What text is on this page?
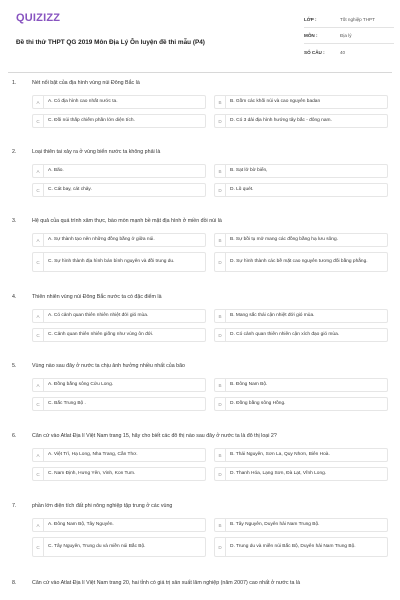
QUIZIZZ
Đề thi thử THPT QG 2019 Môn Địa Lý Ôn luyện đề thi mẫu (P4)
LỚP :	Tốt nghiệp THPT
MÔN :	Địa lý
SỐ CÂU :	40
1.	Nét nổi bật của địa hình vùng núi Đông Bắc là
A	A. Có địa hình cao nhất nước ta.	B	B. Gồm các khối núi và cao nguyên badan
C	C. Đồi núi thấp chiếm phần lớn diện tích.	D	D. Có 3 dải địa hình hướng tây bắc - đông nam.
2.	Loại thiên tai xảy ra ở vùng biển nước ta không phải là
A	A. Bão.	B	B. Sạt lở bờ biển,
C	C. Cát bay, cát chảy.	D	D. Lũ quét.
3.	Hệ quả của quá trình xâm thực, bào mòn mạnh bề mặt địa hình ở miền đồi núi là
A	A. Sự thành tạo nên những đồng bằng ở giữa núi.	B	B. Sự bồi tụ mở mang các đồng bằng hạ lưu sông.
C	C. Sự hình thành địa hình bán bình nguyên và đồi trung du.	D	D. Sự hình thành các bề mặt cao nguyên tương đối bằng phẳng.
4.	Thiên nhiên vùng núi Đông Bắc nước ta có đặc điểm là
A	A. Có cảnh quan thiên nhiên nhiệt đới gió mùa.	B	B. Mang sắc thái cận nhiệt đới gió mùa.
C	C. Cảnh quan thiên nhiên giống như vùng ôn đới.	D	D. Có cảnh quan thiên nhiên cận xích đạo gió mùa.
5.	Vùng nào sau đây ở nước ta chịu ảnh hưởng nhiều nhất của bão
A	A. Đồng bằng sông Cửu Long.	B	B. Đông Nam Bộ.
C	C. Bắc Trung Bộ .	D	D. Đồng bằng sông Hồng.
6.	Căn cứ vào Atlat Địa lí Việt Nam trang 15, hãy cho biết các đô thị nào sau đây ở nước ta là đô thị loại 2?
A	A. Việt Trì, Hạ Long, Nha Trang, Cần Thơ.	B	B. Thái Nguyên, Sơn La, Quy Nhơn, Biên Hoà.
C	C. Nam Định, Hưng Yên, Vinh, Kon Tum.	D	D. Thanh Hóa, Lạng Sơn, Đà Lạt, Vĩnh Long.
7.	phần lớn diện tích đất phi nông nghiệp tập trung ở các vùng
A	A. Đông Nam Bộ, Tây Nguyên.	B	B. Tây Nguyên, Duyên hải Nam Trung Bộ.
C	C. Tây Nguyên, Trung du và miền núi Bắc Bộ.	D	D. Trung du và miền núi Bắc Bộ, Duyên hải Nam Trung Bộ.
8.	Căn cứ vào Atlat Địa lí Việt Nam trang 20, hai tỉnh có giá trị sản xuất lâm nghiệp (năm 2007) cao nhất ở nước ta là
